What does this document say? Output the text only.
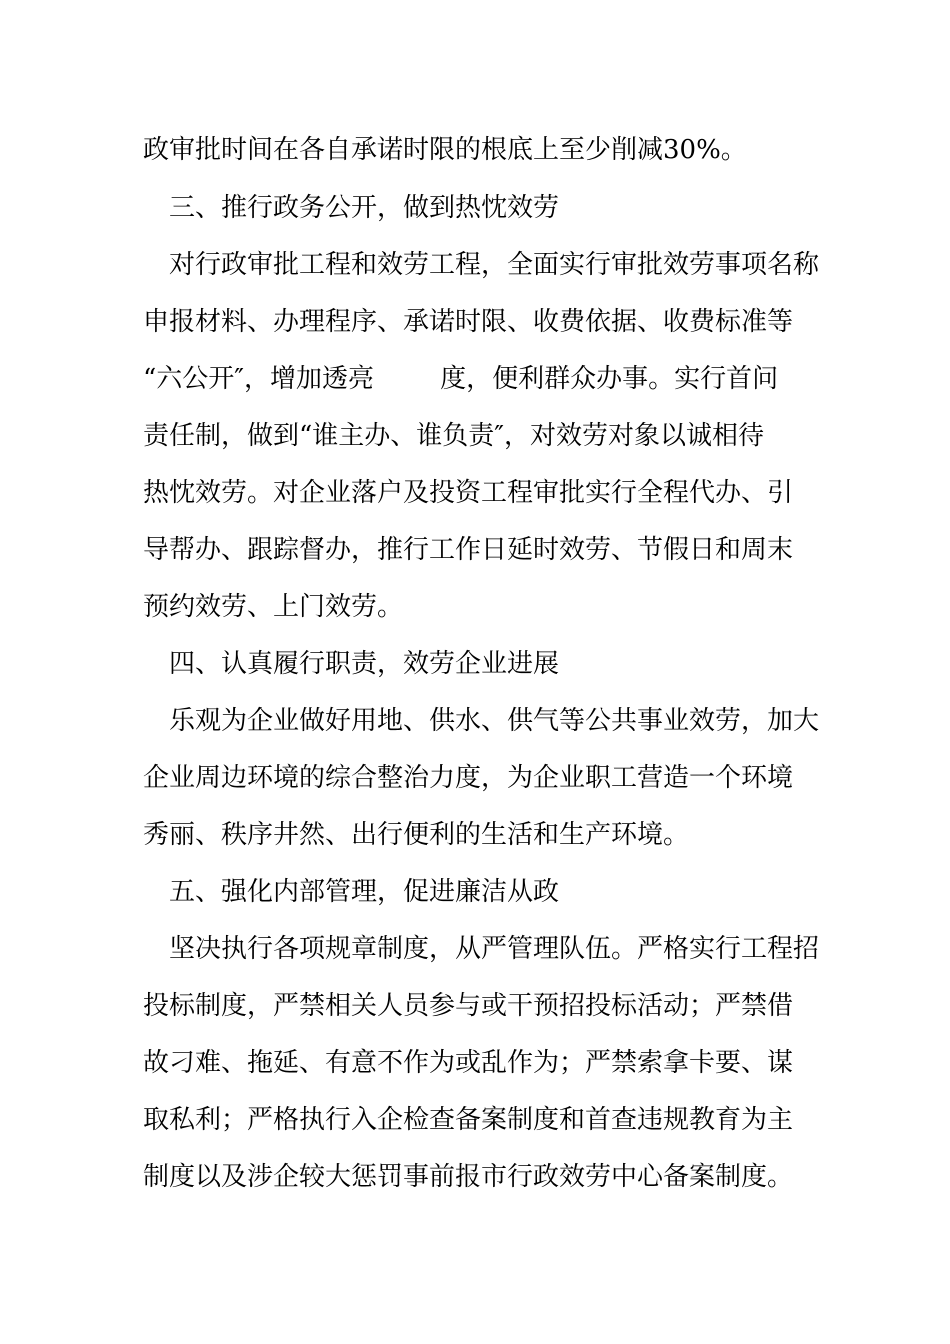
政审批时间在各自承诺时限的根底上至少削减30%。
三、推行政务公开，做到热忱效劳
对行政审批工程和效劳工程，全面实行审批效劳事项名称
申报材料、办理程序、承诺时限、收费依据、收费标准等
“六公开″，增加透亮        度，便利群众办事。实行首问
责任制，做到“谁主办、谁负责″，对效劳对象以诚相待
热忱效劳。对企业落户及投资工程审批实行全程代办、引
导帮办、跟踪督办，推行工作日延时效劳、节假日和周末
预约效劳、上门效劳。
四、认真履行职责，效劳企业进展
乐观为企业做好用地、供水、供气等公共事业效劳，加大
企业周边环境的综合整治力度，为企业职工营造一个环境
秀丽、秩序井然、出行便利的生活和生产环境。
五、强化内部管理，促进廉洁从政
坚决执行各项规章制度，从严管理队伍。严格实行工程招
投标制度，严禁相关人员参与或干预招投标活动；严禁借
故刁难、拖延、有意不作为或乱作为；严禁索拿卡要、谋
取私利；严格执行入企检查备案制度和首查违规教育为主
制度以及涉企较大惩罚事前报市行政效劳中心备案制度。
